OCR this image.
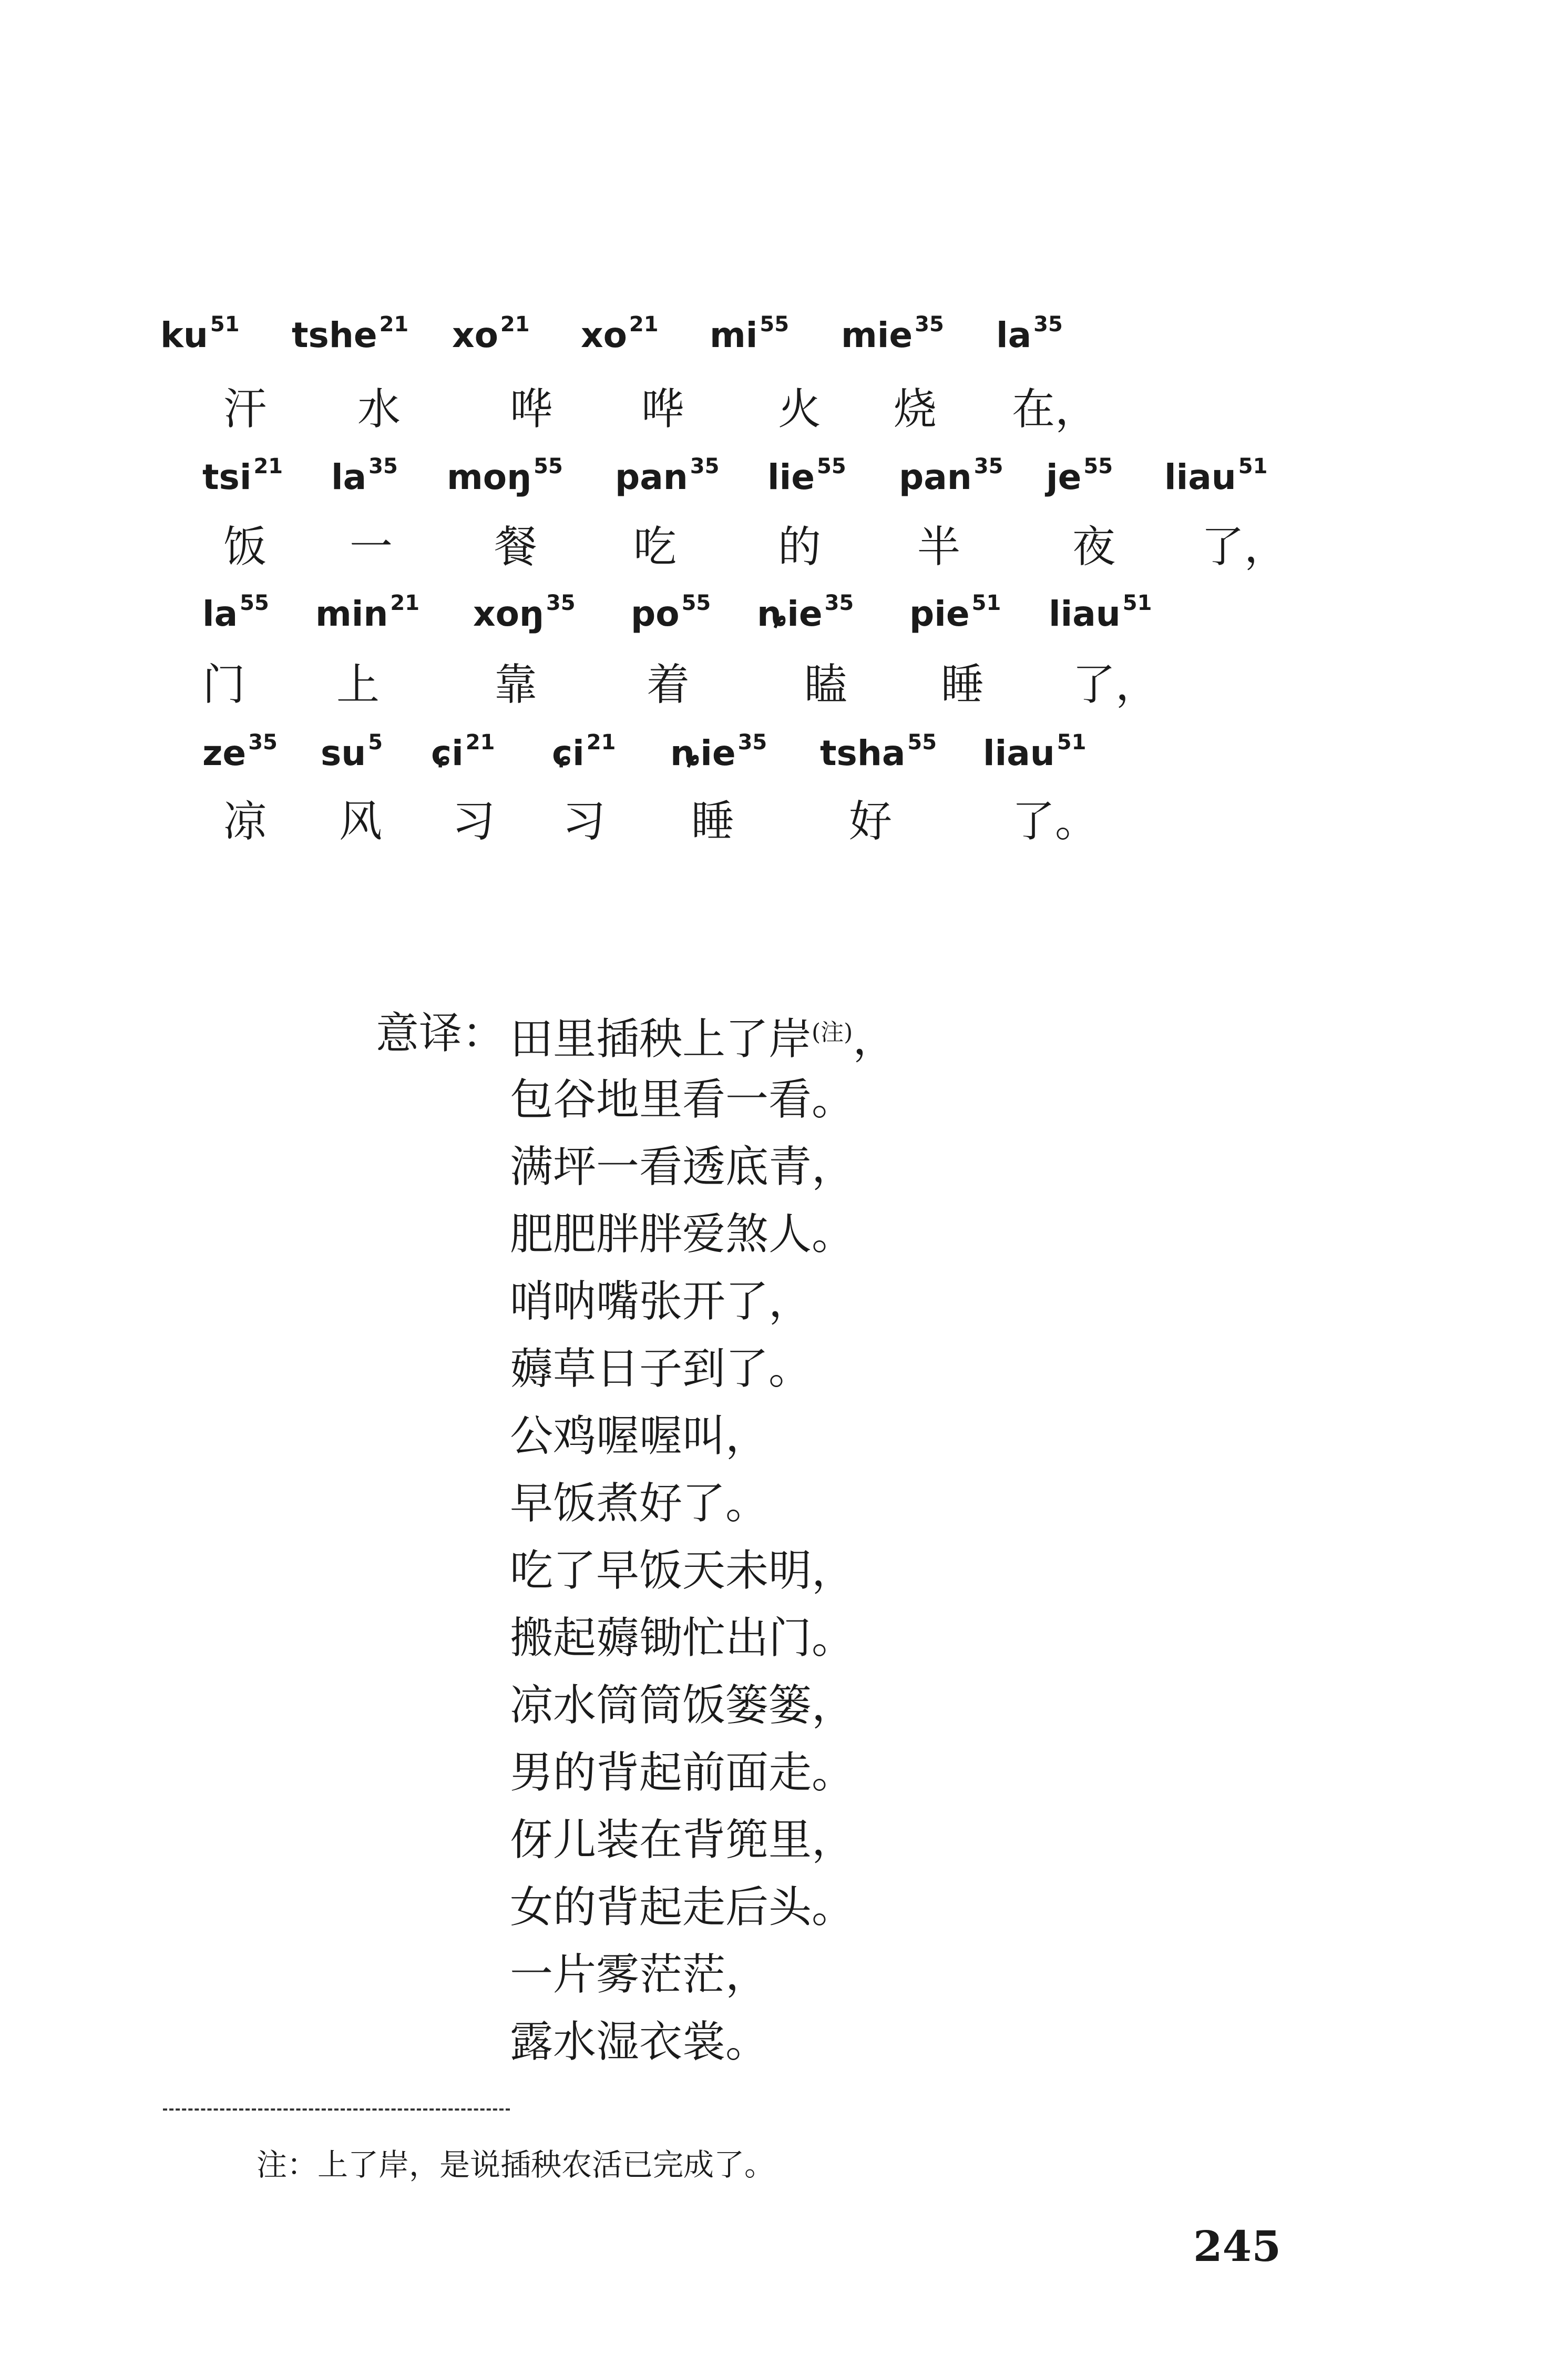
ku $^{51}$ tshe $^{21}$ xo $^{21}$ xo $^{21}$ mi $^{55}$ mie $^{35}$ la $^{35}$
汗 水	哗 哗 火 烧 在，
tsi $^{21}$ la $^{35}$ moŋ $^{55}$ pan $^{35}$ lie $^{55}$ pan $^{35}$ je $^{55}$ liau $^{51}$
饭 一 餐 吃 的 半	夜 了，
la $^{55}$ min $^{21}$ xoŋ $^{35}$ po $^{55}$ ȵie $^{35}$ pie $^{51}$ liau $^{51}$
门 上	靠	着	瞌 睡 了，
ze $^{35}$ su $^5$ ɕi $^{21}$ ɕi $^{21}$ ȵie $^{35}$ tsha $^{55}$ liau $^{51}$
凉 风 习 习 睡	好	了。
意译： 田里插秧上了岸$^{(注)}$，
包谷地里看一看。
满坪一看透底青，
肥肥胖胖爱煞人。
哨呐嘴张开了，
薅草日子到了。
公鸡喔喔叫，
早饭煮好了。
吃了早饭天未明，
搬起薅锄忙出门。
凉水筒筒饭篓篓，
男的背起前面走。
伢儿装在背篼里，
女的背起走后头。
一片雾茫茫，
露水湿衣裳。
注：上了岸，是说插秧农活已完成了。
245
